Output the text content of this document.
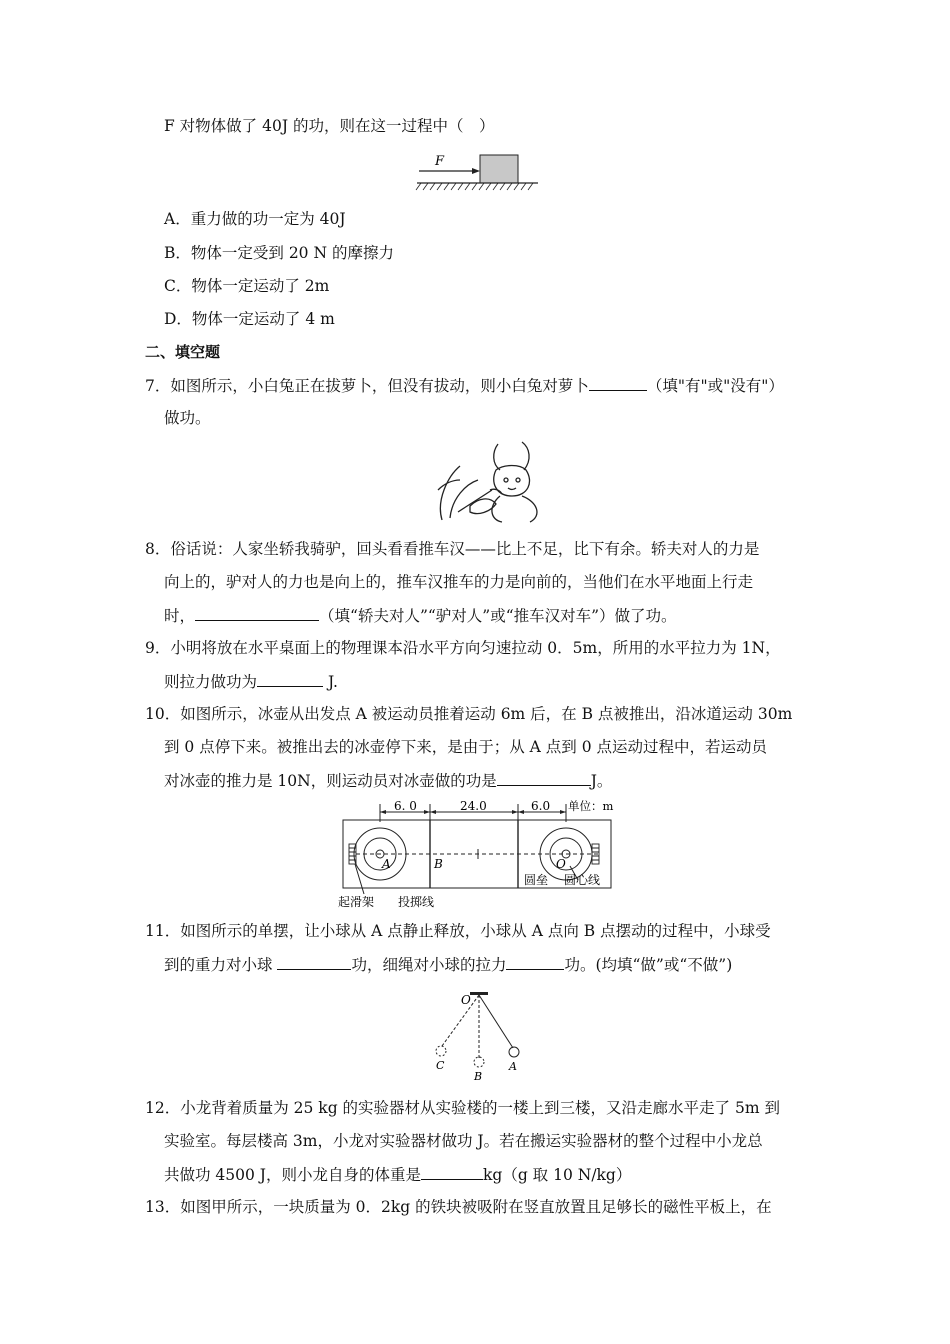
F 对物体做了 40J 的功，则在这一过程中（　）
F
A．重力做的功一定为 40J
B．物体一定受到 20 N 的摩擦力
C．物体一定运动了 2m
D．物体一定运动了 4 m
二、填空题
7．如图所示，小白兔正在拔萝卜，但没有拔动，则小白兔对萝卜	（填"有"或"没有"）
做功。
8．俗话说：人家坐轿我骑驴，回头看看推车汉——比上不足，比下有余。轿夫对人的力是
向上的，驴对人的力也是向上的，推车汉推车的力是向前的，当他们在水平地面上行走
时，	（填“轿夫对人”“驴对人”或“推车汉对车”）做了功。
9．小明将放在水平桌面上的物理课本沿水平方向匀速拉动 0．5m，所用的水平拉力为 1N，
则拉力做功为	J.
10．如图所示，冰壶从出发点 A 被运动员推着运动 6m 后，在 B 点被推出，沿冰道运动 30m
到 0 点停下来。被推出去的冰壶停下来，是由于；从 A 点到 0 点运动过程中，若运动员
对冰壶的推力是 10N，则运动员对冰壶做的功是	J。
6. 0	24.0	6.0 单位：m
A	B	O
圆垒 圆心线
起滑架 投掷线
11．如图所示的单摆，让小球从 A 点静止释放，小球从 A 点向 B 点摆动的过程中，小球受
到的重力对小球	功，细绳对小球的拉力	功。(均填“做”或“不做”)
O
A
B
C
12．小龙背着质量为 25 kg 的实验器材从实验楼的一楼上到三楼，又沿走廊水平走了 5m 到
实验室。每层楼高 3m，小龙对实验器材做功 J。若在搬运实验器材的整个过程中小龙总
共做功 4500 J，则小龙自身的体重是	kg（g 取 10 N/kg）
13．如图甲所示，一块质量为 0．2kg 的铁块被吸附在竖直放置且足够长的磁性平板上，在
